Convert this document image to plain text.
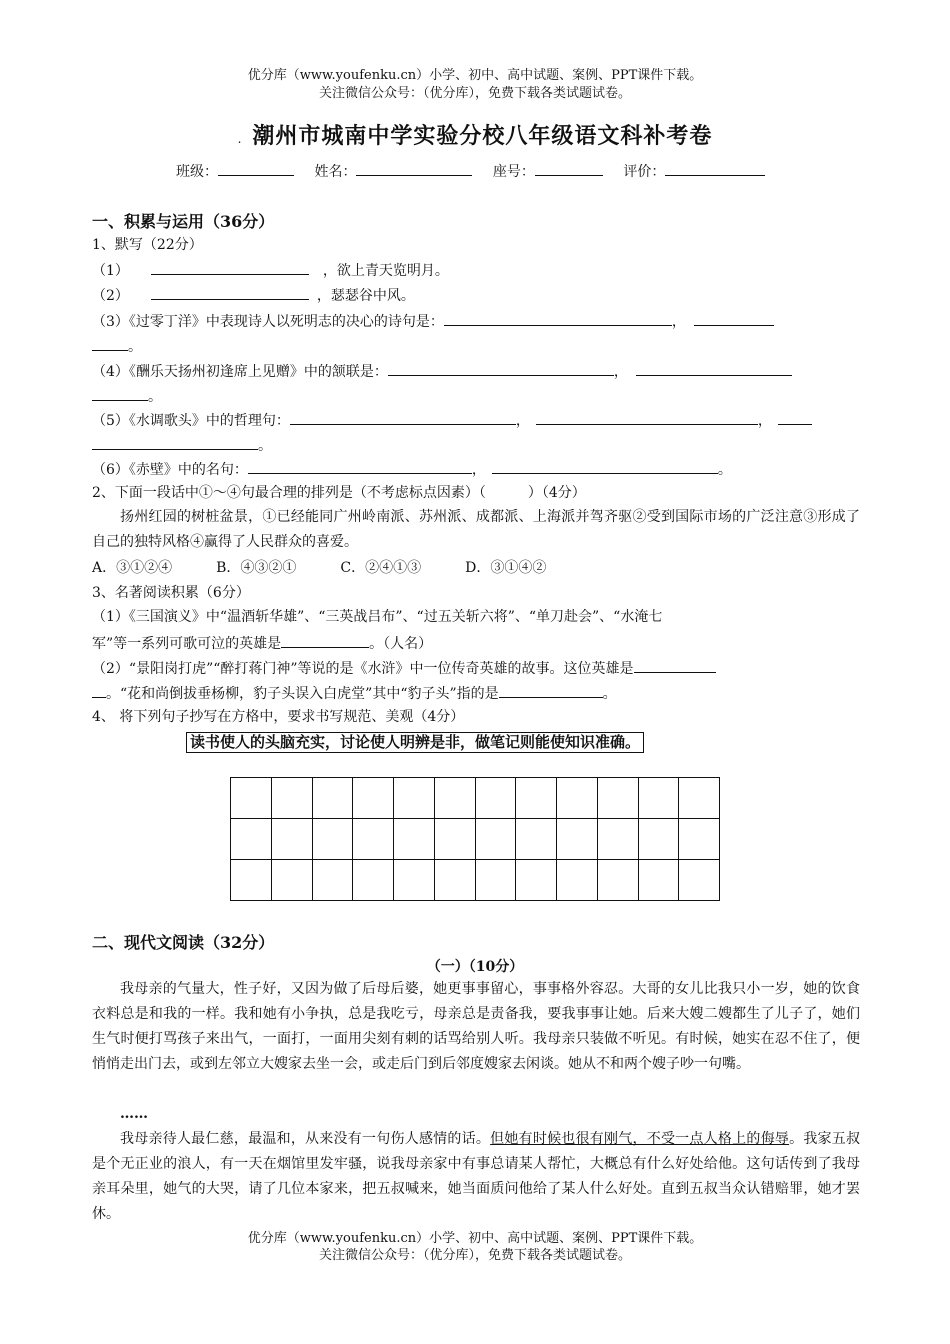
优分库（www.youfenku.cn）小学、初中、高中试题、案例、PPT课件下载。
关注微信公众号：（优分库），免费下载各类试题试卷。
. 潮州市城南中学实验分校八年级语文科补考卷
班级：	姓名：	座号：	评价：
一、积累与运用（36分）
1、默写（22分）
（1）	，欲上青天览明月。
（2）	，瑟瑟谷中风。
（3）《过零丁洋》中表现诗人以死明志的决心的诗句是：	，
。
（4）《酬乐天扬州初逢席上见赠》中的颔联是：	，
。
（5）《水调歌头》中的哲理句：	，	，
。
（6）《赤壁》中的名句：	，	。
2、下面一段话中①～④句最合理的排列是（不考虑标点因素）（　　　）（4分）
扬州红园的树桩盆景，①已经能同广州岭南派、苏州派、成都派、上海派并驾齐驱②受到国际市场的广泛注意③形成了自己的独特风格④赢得了人民群众的喜爱。
A．③①②④	B．④③②①	C．②④①③	D．③①④②
3、名著阅读积累（6分）
（1）《三国演义》中“温酒斩华雄”、“三英战吕布”、“过五关斩六将”、“单刀赴会”、“水淹七
军”等一系列可歌可泣的英雄是	。（人名）
（2）“景阳岗打虎”“醉打蒋门神”等说的是《水浒》中一位传奇英雄的故事。这位英雄是
。“花和尚倒拔垂杨柳，豹子头误入白虎堂”其中“豹子头”指的是	。
4、 将下列句子抄写在方格中，要求书写规范、美观（4分）
读书使人的头脑充实，讨论使人明辨是非，做笔记则能使知识准确。

二、现代文阅读（32分）
（一）（10分）
我母亲的气量大，性子好，又因为做了后母后婆，她更事事留心，事事格外容忍。大哥的女儿比我只小一岁，她的饮食衣料总是和我的一样。我和她有小争执，总是我吃亏，母亲总是责备我，要我事事让她。后来大嫂二嫂都生了儿子了，她们生气时便打骂孩子来出气，一面打，一面用尖刻有刺的话骂给别人听。我母亲只装做不听见。有时候，她实在忍不住了，便悄悄走出门去，或到左邻立大嫂家去坐一会，或走后门到后邻度嫂家去闲谈。她从不和两个嫂子吵一句嘴。
……
我母亲待人最仁慈，最温和，从来没有一句伤人感情的话。但她有时候也很有刚气，不受一点人格上的侮辱。我家五叔是个无正业的浪人，有一天在烟馆里发牢骚，说我母亲家中有事总请某人帮忙，大概总有什么好处给他。这句话传到了我母亲耳朵里，她气的大哭，请了几位本家来，把五叔喊来，她当面质问他给了某人什么好处。直到五叔当众认错赔罪，她才罢休。
优分库（www.youfenku.cn）小学、初中、高中试题、案例、PPT课件下载。
关注微信公众号：（优分库），免费下载各类试题试卷。
